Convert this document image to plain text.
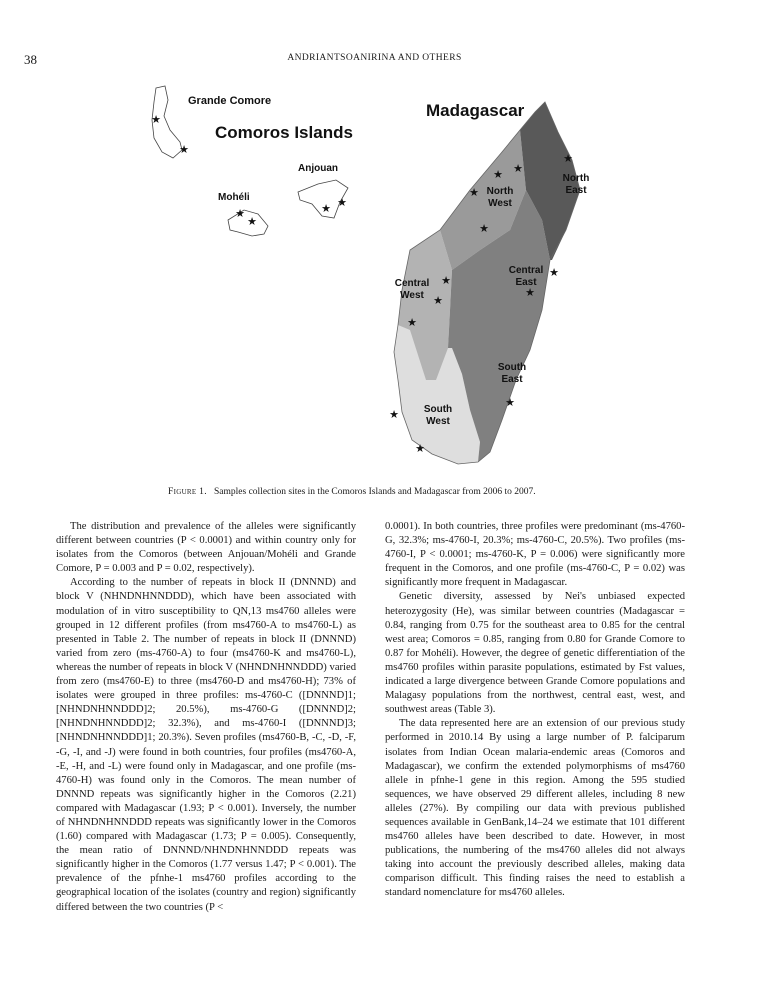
38	ANDRIANTSOANIRINA AND OTHERS
★
★
★
★
★ ★
★ ★
★
★
★
★
★
★
★
★
★
★
★
Grande Comore
Comoros Islands
Madagascar
Anjouan
Mohéli
North West
North East
Central West
Central East
South East
South West
Figure 1. Samples collection sites in the Comoros Islands and Madagascar from 2006 to 2007.

The distribution and prevalence of the alleles were significantly different between countries (P < 0.0001) and within country only for isolates from the Comoros (between Anjouan/Mohéli and Grande Comore, P = 0.003 and P = 0.02, respectively).

According to the number of repeats in block II (DNNND) and block V (NHNDNHNNDDD), which have been associated with modulation of in vitro susceptibility to QN,13 ms4760 alleles were grouped in 12 different profiles (from ms4760-A to ms4760-L) as presented in Table 2. The number of repeats in block II (DNNND) varied from zero (ms-4760-A) to four (ms4760-K and ms4760-L), whereas the number of repeats in block V (NHNDNHNNDDD) varied from zero (ms4760-E) to three (ms4760-D and ms4760-H); 73% of isolates were grouped in three profiles: ms-4760-C ([DNNND]1; [NHNDNHNNDDD]2; 20.5%), ms-4760-G ([DNNND]2; [NHNDNHNNDDD]2; 32.3%), and ms-4760-I ([DNNND]3; [NHNDNHNNDDD]1; 20.3%). Seven profiles (ms4760-B, -C, -D, -F, -G, -I, and -J) were found in both countries, four profiles (ms4760-A, -E, -H, and -L) were found only in Madagascar, and one profile (ms-4760-H) was found only in the Comoros. The mean number of DNNND repeats was significantly higher in the Comoros (2.21) compared with Madagascar (1.93; P < 0.001). Inversely, the number of NHNDNHNNDDD repeats was significantly lower in the Comoros (1.60) compared with Madagascar (1.73; P = 0.005). Consequently, the mean ratio of DNNND/NHNDNHNNDDD repeats was significantly higher in the Comoros (1.77 versus 1.47; P < 0.001). The prevalence of the pfnhe-1 ms4760 profiles according to the geographical location of the isolates (country and region) significantly differed between the two countries (P <

0.0001). In both countries, three profiles were predominant (ms-4760-G, 32.3%; ms-4760-I, 20.3%; ms-4760-C, 20.5%). Two profiles (ms-4760-I, P < 0.0001; ms-4760-K, P = 0.006) were significantly more frequent in the Comoros, and one profile (ms-4760-C, P = 0.02) was significantly more frequent in Madagascar.

Genetic diversity, assessed by Nei's unbiased expected heterozygosity (He), was similar between countries (Madagascar = 0.84, ranging from 0.75 for the southeast area to 0.85 for the central west area; Comoros = 0.85, ranging from 0.80 for Grande Comore to 0.87 for Mohéli). However, the degree of genetic differentiation of the ms4760 profiles within parasite populations, estimated by Fst values, indicated a large divergence between Grande Comore populations and Malagasy populations from the northwest, central east, west, and southwest areas (Table 3).

The data represented here are an extension of our previous study performed in 2010.14 By using a large number of P. falciparum isolates from Indian Ocean malaria-endemic areas (Comoros and Madagascar), we confirm the extended polymorphisms of ms4760 allele in pfnhe-1 gene in this region. Among the 595 studied sequences, we have observed 29 different alleles, including 8 new alleles (27%). By compiling our data with previous published sequences available in GenBank,14–24 we estimate that 101 different ms4760 alleles have been described to date. However, in most publications, the numbering of the ms4760 alleles did not always taking into account the previously described alleles, making data comparison difficult. This finding raises the need to establish a standard nomenclature for ms4760 alleles.
